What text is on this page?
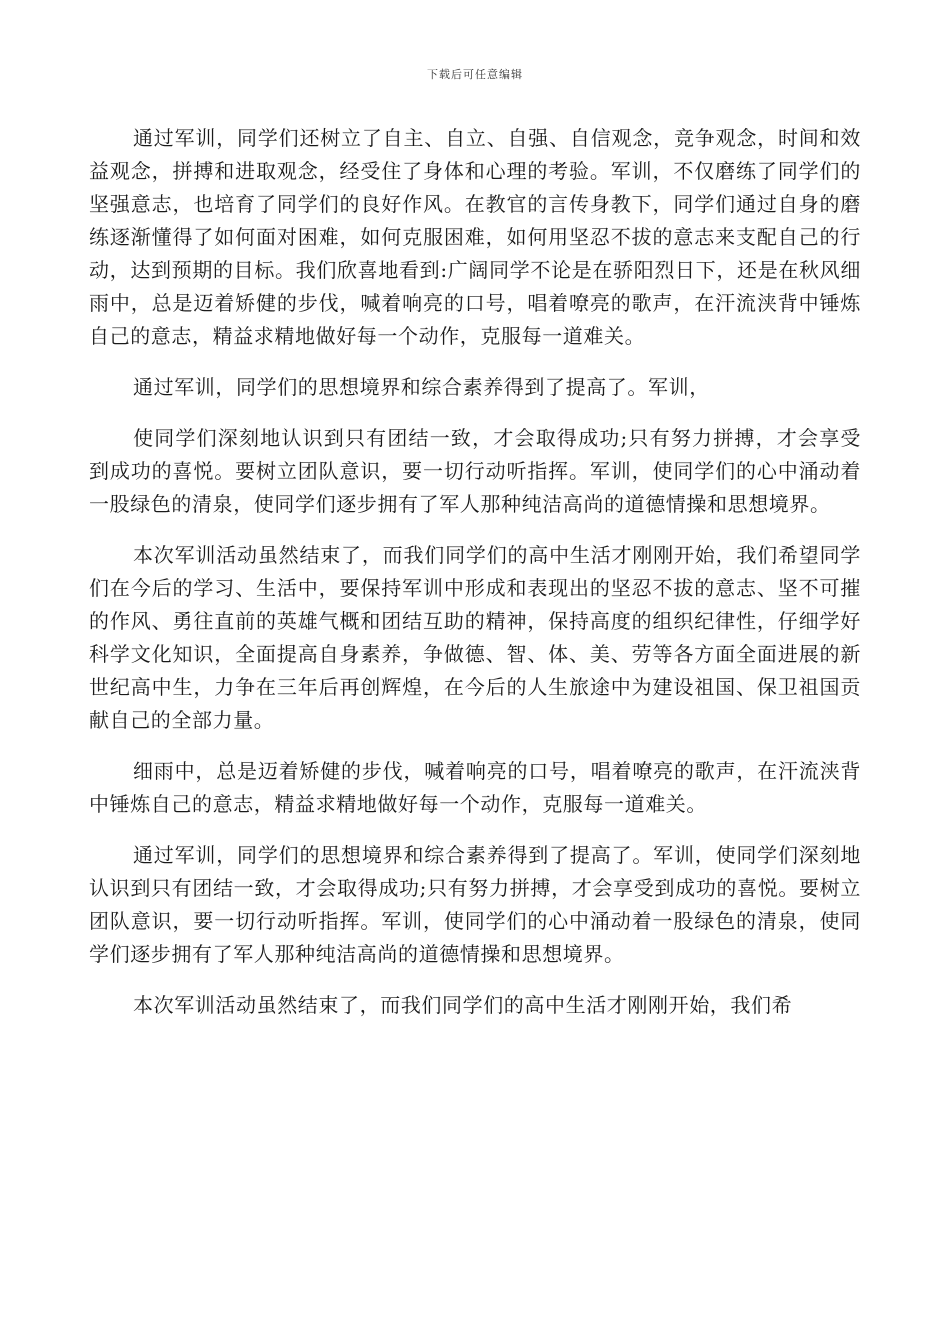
下载后可任意编辑

通过军训，同学们还树立了自主、自立、自强、自信观念，竞争观念，时间和效益观念，拼搏和进取观念，经受住了身体和心理的考验。军训，不仅磨练了同学们的坚强意志，也培育了同学们的良好作风。在教官的言传身教下，同学们通过自身的磨练逐渐懂得了如何面对困难，如何克服困难，如何用坚忍不拔的意志来支配自己的行动，达到预期的目标。我们欣喜地看到:广阔同学不论是在骄阳烈日下，还是在秋风细雨中，总是迈着矫健的步伐，喊着响亮的口号，唱着嘹亮的歌声，在汗流浃背中锤炼自己的意志，精益求精地做好每一个动作，克服每一道难关。

通过军训，同学们的思想境界和综合素养得到了提高了。军训，

使同学们深刻地认识到只有团结一致，才会取得成功;只有努力拼搏，才会享受到成功的喜悦。要树立团队意识，要一切行动听指挥。军训，使同学们的心中涌动着一股绿色的清泉，使同学们逐步拥有了军人那种纯洁高尚的道德情操和思想境界。

本次军训活动虽然结束了，而我们同学们的高中生活才刚刚开始，我们希望同学们在今后的学习、生活中，要保持军训中形成和表现出的坚忍不拔的意志、坚不可摧的作风、勇往直前的英雄气概和团结互助的精神，保持高度的组织纪律性，仔细学好科学文化知识，全面提高自身素养，争做德、智、体、美、劳等各方面全面进展的新世纪高中生，力争在三年后再创辉煌，在今后的人生旅途中为建设祖国、保卫祖国贡献自己的全部力量。

细雨中，总是迈着矫健的步伐，喊着响亮的口号，唱着嘹亮的歌声，在汗流浃背中锤炼自己的意志，精益求精地做好每一个动作，克服每一道难关。

通过军训，同学们的思想境界和综合素养得到了提高了。军训，使同学们深刻地认识到只有团结一致，才会取得成功;只有努力拼搏，才会享受到成功的喜悦。要树立团队意识，要一切行动听指挥。军训，使同学们的心中涌动着一股绿色的清泉，使同学们逐步拥有了军人那种纯洁高尚的道德情操和思想境界。

本次军训活动虽然结束了，而我们同学们的高中生活才刚刚开始，我们希
